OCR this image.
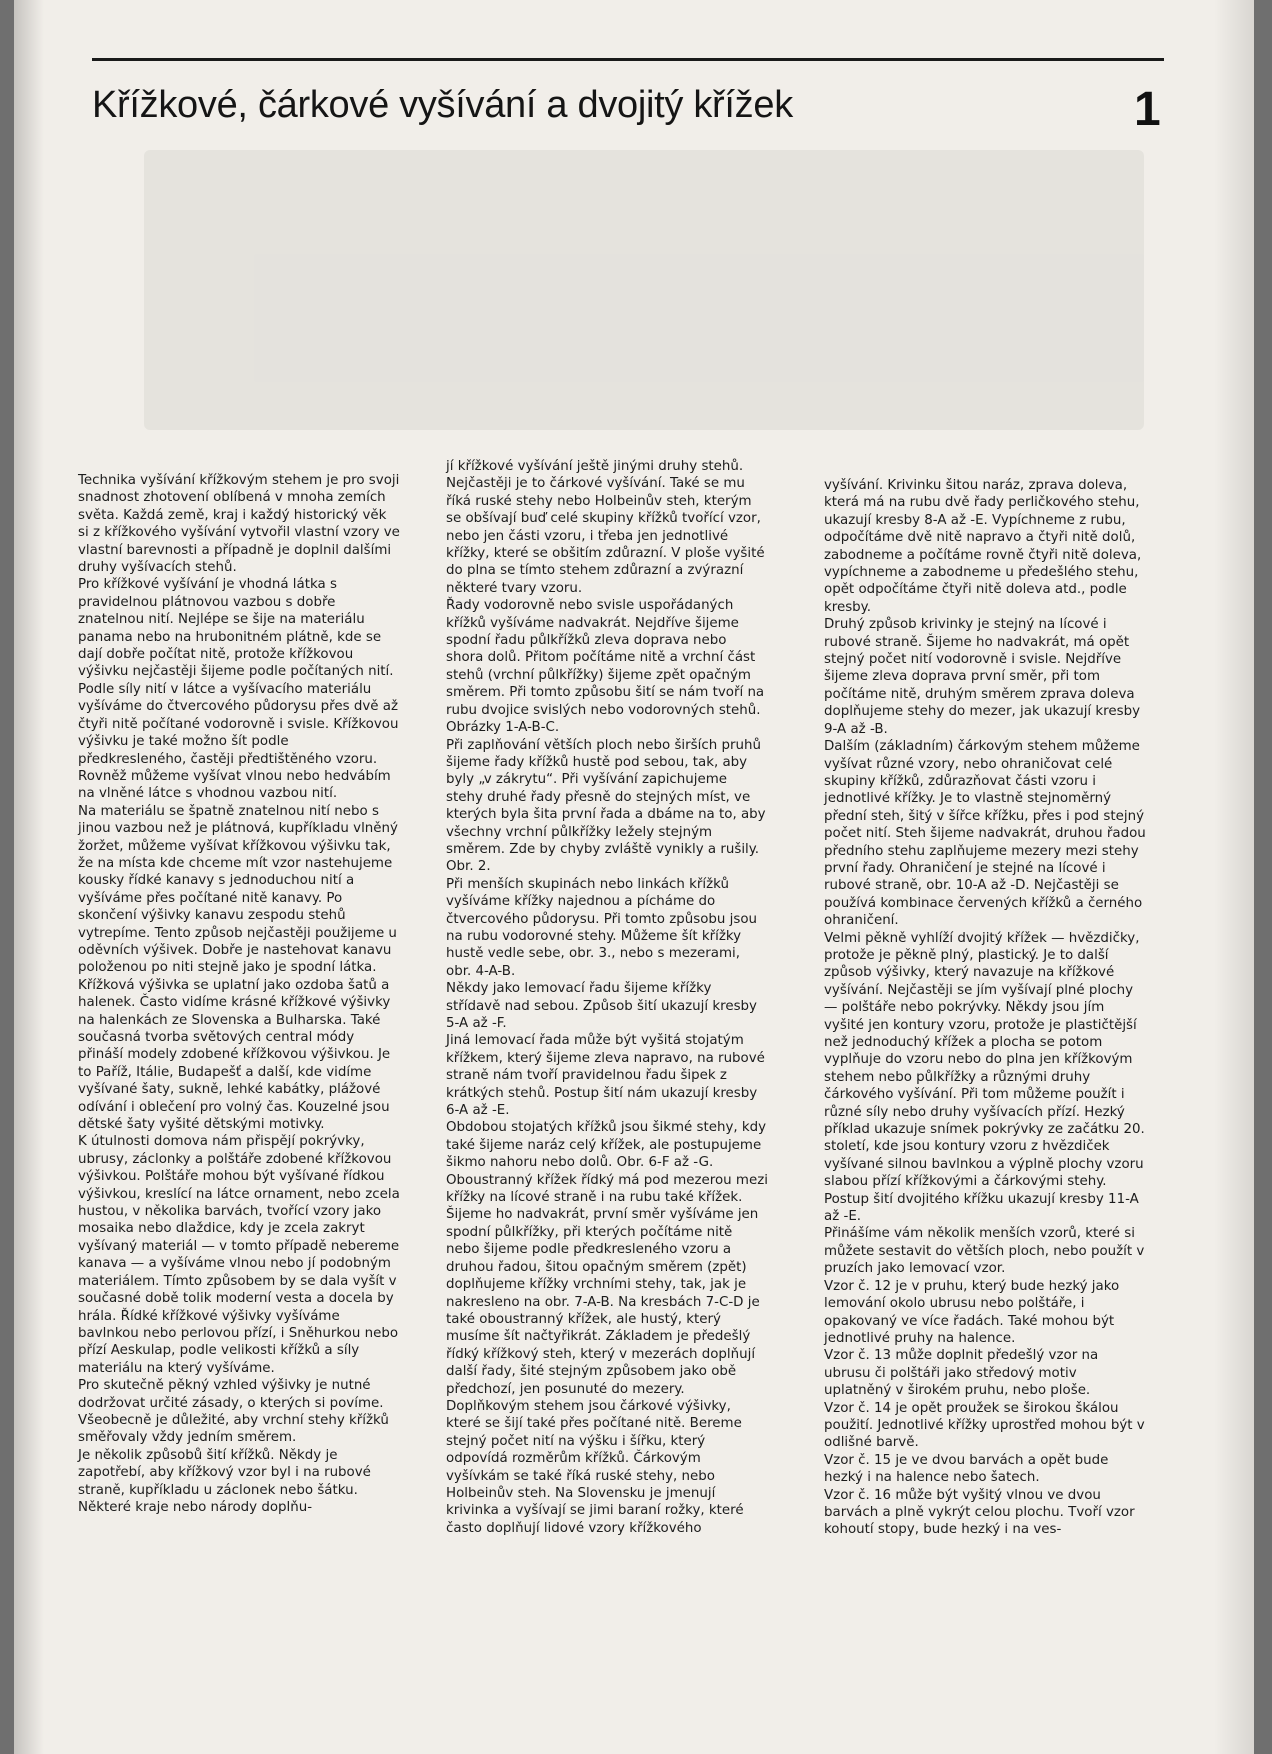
Křížkové, čárkové vyšívání a dvojitý křížek	1

Technika vyšívání křížkovým stehem je pro svoji snadnost zhotovení oblíbená v mnoha zemích světa. Každá země, kraj i každý historický věk si z křížkového vyšívání vytvořil vlastní vzory ve vlastní barevnosti a případně je doplnil dalšími druhy vyšívacích stehů.

Pro křížkové vyšívání je vhodná látka s pravidelnou plátnovou vazbou s dobře znatelnou nití. Nejlépe se šije na materiálu panama nebo na hrubonitném plátně, kde se dají dobře počítat nitě, protože křížkovou výšivku nejčastěji šijeme podle počítaných nití. Podle síly nití v látce a vyšívacího materiálu vyšíváme do čtvercového půdorysu přes dvě až čtyři nitě počítané vodorovně i svisle. Křížkovou výšivku je také možno šít podle předkresleného, častěji předtištěného vzoru. Rovněž můžeme vyšívat vlnou nebo hedvábím na vlněné látce s vhodnou vazbou nití.

Na materiálu se špatně znatelnou nití nebo s jinou vazbou než je plátnová, kupříkladu vlněný žoržet, můžeme vyšívat křížkovou výšivku tak, že na místa kde chceme mít vzor nastehujeme kousky řídké kanavy s jednoduchou nití a vyšíváme přes počítané nitě kanavy. Po skončení výšivky kanavu zespodu stehů vytrepíme. Tento způsob nejčastěji použijeme u oděvních výšivek. Dobře je nastehovat kanavu položenou po niti stejně jako je spodní látka.

Křížková výšivka se uplatní jako ozdoba šatů a halenek. Často vidíme krásné křížkové výšivky na halenkách ze Slovenska a Bulharska. Také současná tvorba světových central módy přináší modely zdobené křížkovou výšivkou. Je to Paříž, Itálie, Budapešť a další, kde vidíme vyšívané šaty, sukně, lehké kabátky, plážové odívání i oblečení pro volný čas. Kouzelné jsou dětské šaty vyšité dětskými motivky.

K útulnosti domova nám přispějí pokrývky, ubrusy, záclonky a polštáře zdobené křížkovou výšivkou. Polštáře mohou být vyšívané řídkou výšivkou, kreslící na látce ornament, nebo zcela hustou, v několika barvách, tvořící vzory jako mosaika nebo dlaždice, kdy je zcela zakryt vyšívaný materiál — v tomto případě nebereme kanava — a vyšíváme vlnou nebo jí podobným materiálem. Tímto způsobem by se dala vyšít v současné době tolik moderní vesta a docela by hrála. Řídké křížkové výšivky vyšíváme bavlnkou nebo perlovou přízí, i Sněhurkou nebo přízí Aeskulap, podle velikosti křížků a síly materiálu na který vyšíváme.

Pro skutečně pěkný vzhled výšivky je nutné dodržovat určité zásady, o kterých si povíme. Všeobecně je důležité, aby vrchní stehy křížků směřovaly vždy jedním směrem.

Je několik způsobů šití křížků. Někdy je zapotřebí, aby křížkový vzor byl i na rubové straně, kupříkladu u záclonek nebo šátku. Některé kraje nebo národy doplňu-

jí křížkové vyšívání ještě jinými druhy stehů. Nejčastěji je to čárkové vyšívání. Také se mu říká ruské stehy nebo Holbeinův steh, kterým se obšívají buď celé skupiny křížků tvořící vzor, nebo jen části vzoru, i třeba jen jednotlivé křížky, které se obšitím zdůrazní. V ploše vyšité do plna se tímto stehem zdůrazní a zvýrazní některé tvary vzoru.

Řady vodorovně nebo svisle uspořádaných křížků vyšíváme nadvakrát. Nejdříve šijeme spodní řadu půlkřížků zleva doprava nebo shora dolů. Přitom počítáme nitě a vrchní část stehů (vrchní půlkřížky) šijeme zpět opačným směrem. Při tomto způsobu šití se nám tvoří na rubu dvojice svislých nebo vodorovných stehů. Obrázky 1-A-B-C.

Při zaplňování větších ploch nebo širších pruhů šijeme řady křížků hustě pod sebou, tak, aby byly „v zákrytu“. Při vyšívání zapichujeme stehy druhé řady přesně do stejných míst, ve kterých byla šita první řada a dbáme na to, aby všechny vrchní půlkřížky ležely stejným směrem. Zde by chyby zvláště vynikly a rušily. Obr. 2.

Při menších skupinách nebo linkách křížků vyšíváme křížky najednou a pícháme do čtvercového půdorysu. Při tomto způsobu jsou na rubu vodorovné stehy. Můžeme šít křížky hustě vedle sebe, obr. 3., nebo s mezerami, obr. 4-A-B.

Někdy jako lemovací řadu šijeme křížky střídavě nad sebou. Způsob šití ukazují kresby 5-A až -F.

Jiná lemovací řada může být vyšitá stojatým křížkem, který šijeme zleva napravo, na rubové straně nám tvoří pravidelnou řadu šipek z krátkých stehů. Postup šití nám ukazují kresby 6-A až -E.

Obdobou stojatých křížků jsou šikmé stehy, kdy také šijeme naráz celý křížek, ale postupujeme šikmo nahoru nebo dolů. Obr. 6-F až -G.

Oboustranný křížek řídký má pod mezerou mezi křížky na lícové straně i na rubu také křížek. Šijeme ho nadvakrát, první směr vyšíváme jen spodní půlkřížky, při kterých počítáme nitě nebo šijeme podle předkresleného vzoru a druhou řadou, šitou opačným směrem (zpět) doplňujeme křížky vrchními stehy, tak, jak je nakresleno na obr. 7-A-B. Na kresbách 7-C-D je také oboustranný křížek, ale hustý, který musíme šít načtyřikrát. Základem je předešlý řídký křížkový steh, který v mezerách doplňují další řady, šité stejným způsobem jako obě předchozí, jen posunuté do mezery.

Doplňkovým stehem jsou čárkové výšivky, které se šijí také přes počítané nitě. Bereme stejný počet nití na výšku i šířku, který odpovídá rozměrům křížků. Čárkovým vyšívkám se také říká ruské stehy, nebo Holbeinův steh. Na Slovensku je jmenují krivinka a vyšívají se jimi baraní rožky, které často doplňují lidové vzory křížkového

vyšívání. Krivinku šitou naráz, zprava doleva, která má na rubu dvě řady perličkového stehu, ukazují kresby 8-A až -E. Vypíchneme z rubu, odpočítáme dvě nitě napravo a čtyři nitě dolů, zabodneme a počítáme rovně čtyři nitě doleva, vypíchneme a zabodneme u předešlého stehu, opět odpočítáme čtyři nitě doleva atd., podle kresby.

Druhý způsob krivinky je stejný na lícové i rubové straně. Šijeme ho nadvakrát, má opět stejný počet nití vodorovně i svisle. Nejdříve šijeme zleva doprava první směr, při tom počítáme nitě, druhým směrem zprava doleva doplňujeme stehy do mezer, jak ukazují kresby 9-A až -B.

Dalším (základním) čárkovým stehem můžeme vyšívat různé vzory, nebo ohraničovat celé skupiny křížků, zdůrazňovat části vzoru i jednotlivé křížky. Je to vlastně stejnoměrný přední steh, šitý v šířce křížku, přes i pod stejný počet nití. Steh šijeme nadvakrát, druhou řadou předního stehu zaplňujeme mezery mezi stehy první řady. Ohraničení je stejné na lícové i rubové straně, obr. 10-A až -D. Nejčastěji se používá kombinace červených křížků a černého ohraničení.

Velmi pěkně vyhlíží dvojitý křížek — hvězdičky, protože je pěkně plný, plastický. Je to další způsob výšivky, který navazuje na křížkové vyšívání. Nejčastěji se jím vyšívají plné plochy — polštáře nebo pokrývky. Někdy jsou jím vyšité jen konturу vzoru, protože je plastičtější než jednoduchý křížek a plocha se potom vyplňuje do vzoru nebo do plna jen křížkovým stehem nebo půlkřížky a různými druhy čárkového vyšívání. Při tom můžeme použít i různé síly nebo druhy vyšívacích přízí. Hezký příklad ukazuje snímek pokrývky ze začátku 20. století, kde jsou kontury vzoru z hvězdiček vyšívané silnou bavlnkou a výplně plochy vzoru slabou přízí křížkovými a čárkovými stehy. Postup šití dvojitého křížku ukazují kresby 11-A až -E.

Přinášíme vám několik menších vzorů, které si můžete sestavit do větších ploch, nebo použít v pruzích jako lemovací vzor.

Vzor č. 12 je v pruhu, který bude hezký jako lemování okolo ubrusu nebo polštáře, i opakovaný ve více řadách. Také mohou být jednotlivé pruhy na halence.

Vzor č. 13 může doplnit předešlý vzor na ubrusu či polštáři jako středový motiv uplatněný v širokém pruhu, nebo ploše.

Vzor č. 14 je opět proužek se širokou škálou použití. Jednotlivé křížky uprostřed mohou být v odlišné barvě.

Vzor č. 15 je ve dvou barvách a opět bude hezký i na halence nebo šatech.

Vzor č. 16 může být vyšitý vlnou ve dvou barvách a plně vykrýt celou plochu. Tvoří vzor kohoutí stopy, bude hezký i na ves-
